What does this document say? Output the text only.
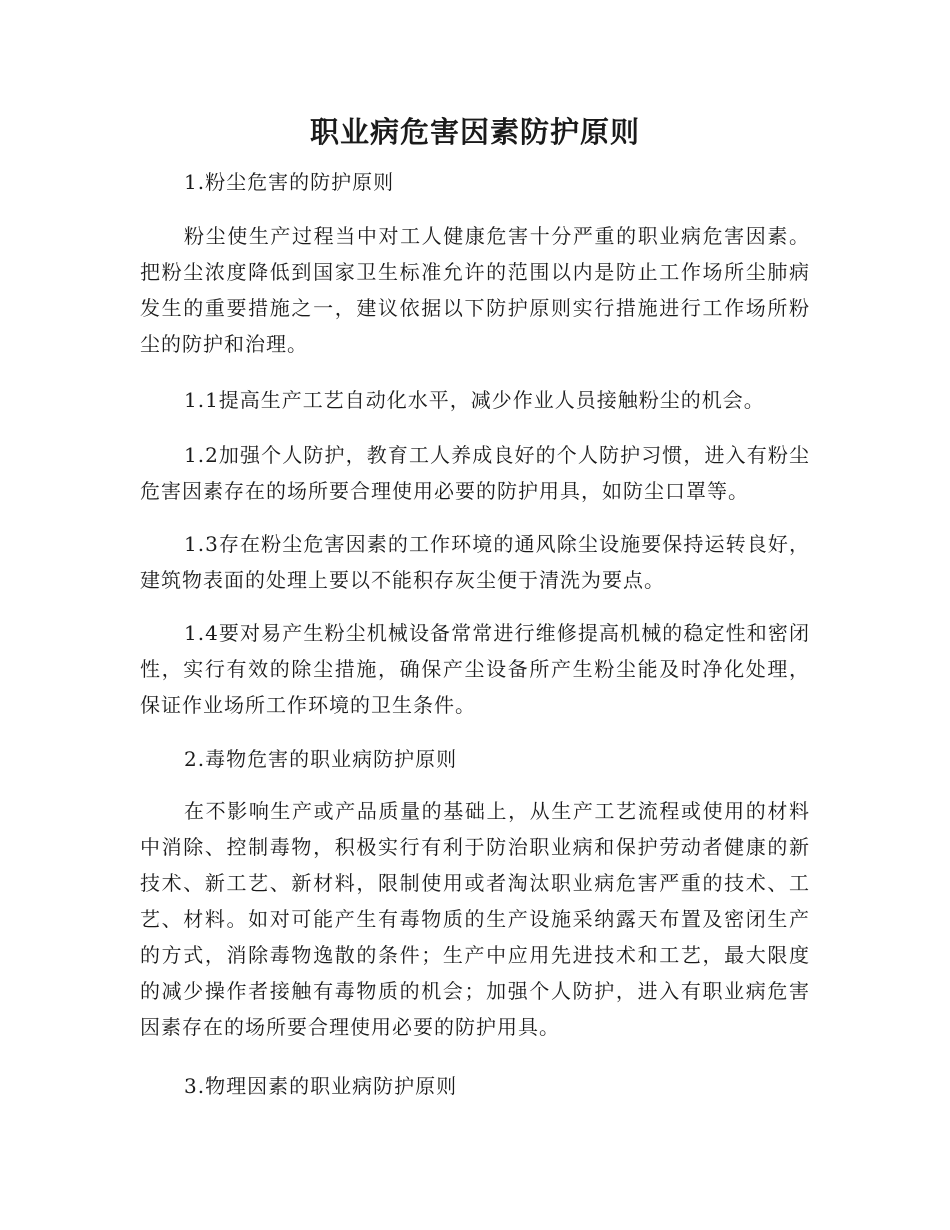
职业病危害因素防护原则

1.粉尘危害的防护原则

粉尘使生产过程当中对工人健康危害十分严重的职业病危害因素。把粉尘浓度降低到国家卫生标准允许的范围以内是防止工作场所尘肺病发生的重要措施之一，建议依据以下防护原则实行措施进行工作场所粉尘的防护和治理。

1.1提高生产工艺自动化水平，减少作业人员接触粉尘的机会。

1.2加强个人防护，教育工人养成良好的个人防护习惯，进入有粉尘危害因素存在的场所要合理使用必要的防护用具，如防尘口罩等。

1.3存在粉尘危害因素的工作环境的通风除尘设施要保持运转良好，建筑物表面的处理上要以不能积存灰尘便于清洗为要点。

1.4要对易产生粉尘机械设备常常进行维修提高机械的稳定性和密闭性，实行有效的除尘措施，确保产尘设备所产生粉尘能及时净化处理，保证作业场所工作环境的卫生条件。

2.毒物危害的职业病防护原则

在不影响生产或产品质量的基础上，从生产工艺流程或使用的材料中消除、控制毒物，积极实行有利于防治职业病和保护劳动者健康的新技术、新工艺、新材料，限制使用或者淘汰职业病危害严重的技术、工艺、材料。如对可能产生有毒物质的生产设施采纳露天布置及密闭生产的方式，消除毒物逸散的条件；生产中应用先进技术和工艺，最大限度的减少操作者接触有毒物质的机会；加强个人防护，进入有职业病危害因素存在的场所要合理使用必要的防护用具。

3.物理因素的职业病防护原则
